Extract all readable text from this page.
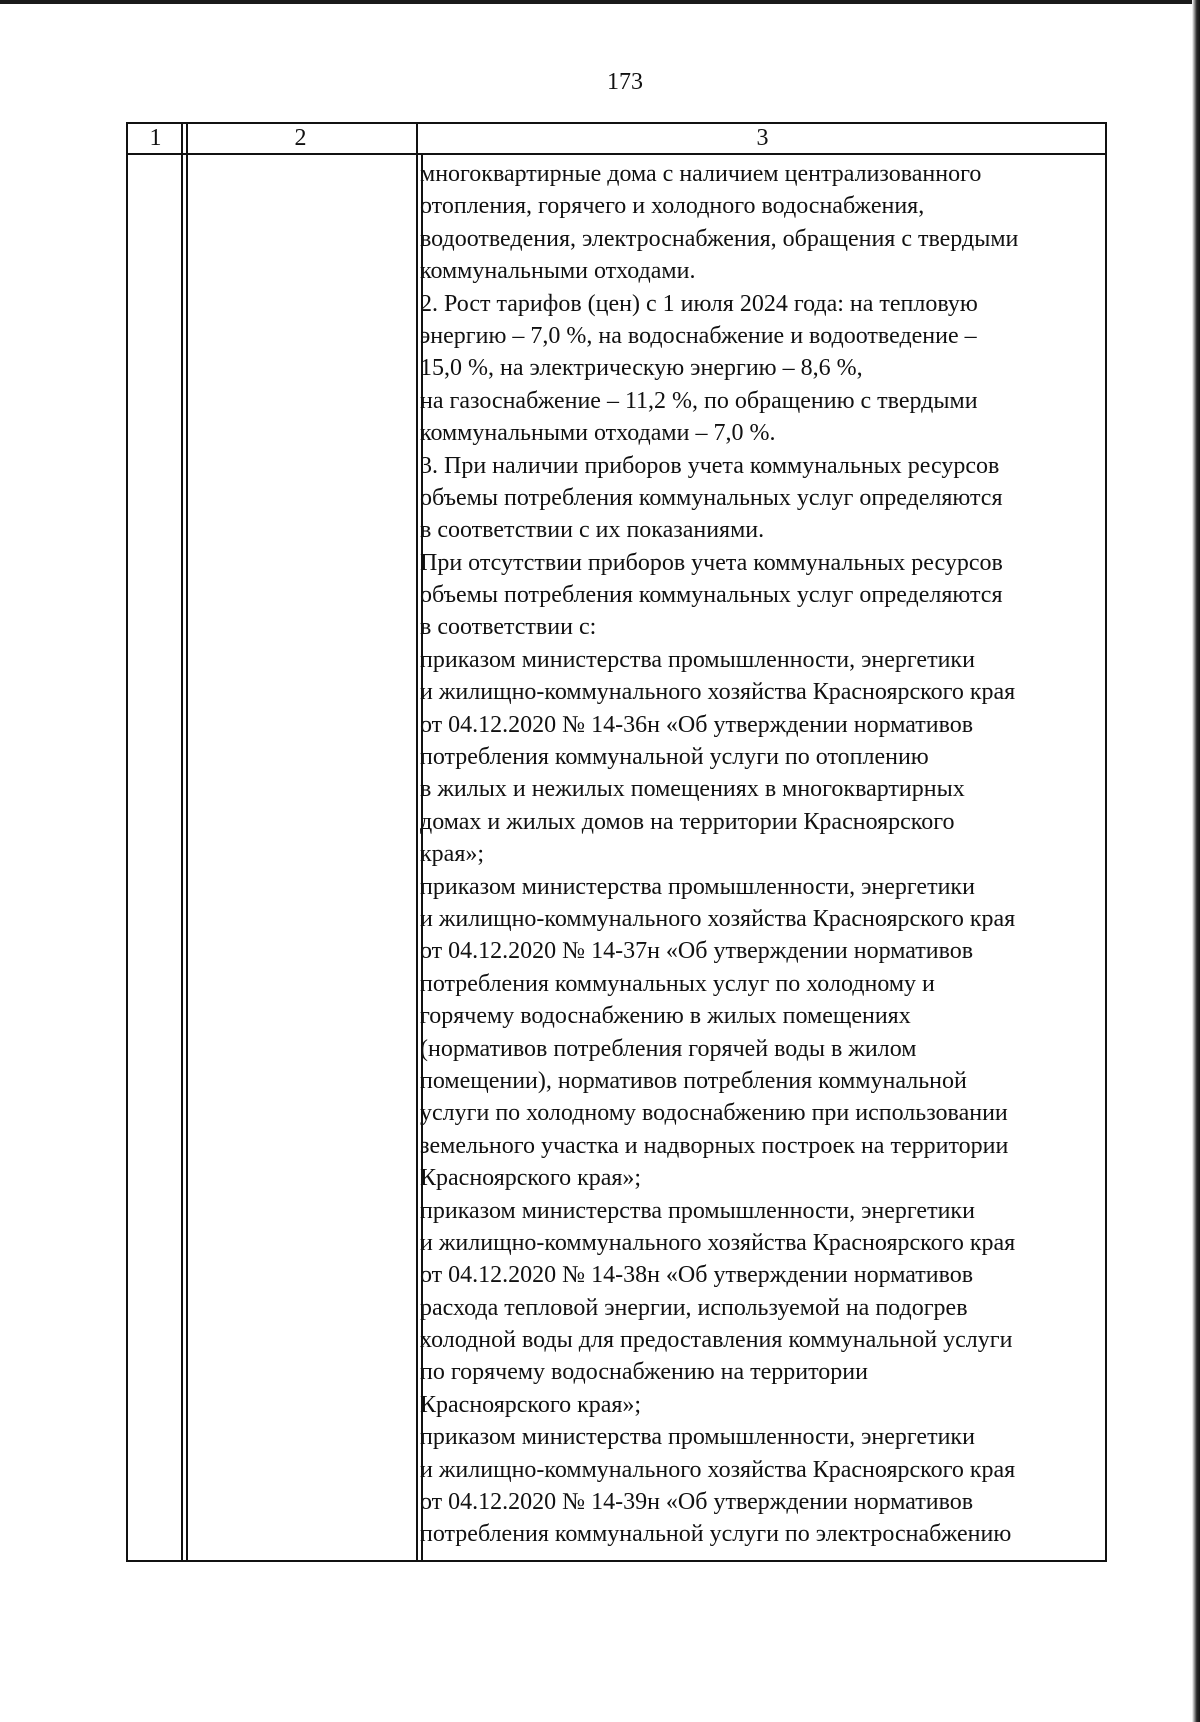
173
1	2	3
многоквартирные дома с наличием централизованного
отопления, горячего и холодного водоснабжения,
водоотведения, электроснабжения, обращения с твердыми
коммунальными отходами.
2. Рост тарифов (цен) с 1 июля 2024 года: на тепловую
энергию – 7,0 %, на водоснабжение и водоотведение –
15,0 %, на электрическую энергию – 8,6 %,
на газоснабжение – 11,2 %, по обращению с твердыми
коммунальными отходами – 7,0 %.
3. При наличии приборов учета коммунальных ресурсов
объемы потребления коммунальных услуг определяются
в соответствии с их показаниями.
При отсутствии приборов учета коммунальных ресурсов
объемы потребления коммунальных услуг определяются
в соответствии с:
приказом министерства промышленности, энергетики
и жилищно-коммунального хозяйства Красноярского края
от 04.12.2020 № 14-36н «Об утверждении нормативов
потребления коммунальной услуги по отоплению
в жилых и нежилых помещениях в многоквартирных
домах и жилых домов на территории Красноярского
края»;
приказом министерства промышленности, энергетики
и жилищно-коммунального хозяйства Красноярского края
от 04.12.2020 № 14-37н «Об утверждении нормативов
потребления коммунальных услуг по холодному и
горячему водоснабжению в жилых помещениях
(нормативов потребления горячей воды в жилом
помещении), нормативов потребления коммунальной
услуги по холодному водоснабжению при использовании
земельного участка и надворных построек на территории
Красноярского края»;
приказом министерства промышленности, энергетики
и жилищно-коммунального хозяйства Красноярского края
от 04.12.2020 № 14-38н «Об утверждении нормативов
расхода тепловой энергии, используемой на подогрев
холодной воды для предоставления коммунальной услуги
по горячему водоснабжению на территории
Красноярского края»;
приказом министерства промышленности, энергетики
и жилищно-коммунального хозяйства Красноярского края
от 04.12.2020 № 14-39н «Об утверждении нормативов
потребления коммунальной услуги по электроснабжению
